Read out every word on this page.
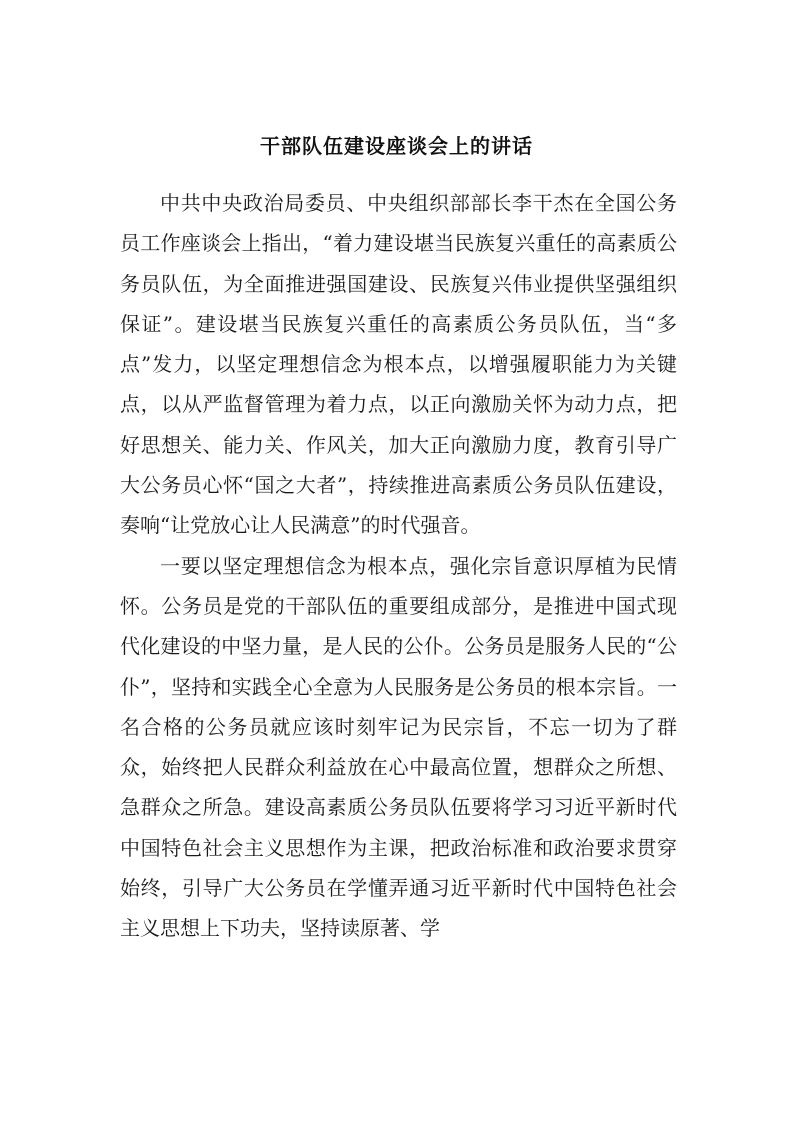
干部队伍建设座谈会上的讲话

中共中央政治局委员、中央组织部部长李干杰在全国公务员工作座谈会上指出，“着力建设堪当民族复兴重任的高素质公务员队伍，为全面推进强国建设、民族复兴伟业提供坚强组织保证”。建设堪当民族复兴重任的高素质公务员队伍，当“多点”发力，以坚定理想信念为根本点，以增强履职能力为关键点，以从严监督管理为着力点，以正向激励关怀为动力点，把好思想关、能力关、作风关，加大正向激励力度，教育引导广大公务员心怀“国之大者”，持续推进高素质公务员队伍建设，奏响“让党放心让人民满意”的时代强音。

一要以坚定理想信念为根本点，强化宗旨意识厚植为民情怀。公务员是党的干部队伍的重要组成部分，是推进中国式现代化建设的中坚力量，是人民的公仆。公务员是服务人民的“公仆”，坚持和实践全心全意为人民服务是公务员的根本宗旨。一名合格的公务员就应该时刻牢记为民宗旨，不忘一切为了群众，始终把人民群众利益放在心中最高位置，想群众之所想、急群众之所急。建设高素质公务员队伍要将学习习近平新时代中国特色社会主义思想作为主课，把政治标准和政治要求贯穿始终，引导广大公务员在学懂弄通习近平新时代中国特色社会主义思想上下功夫，坚持读原著、学
